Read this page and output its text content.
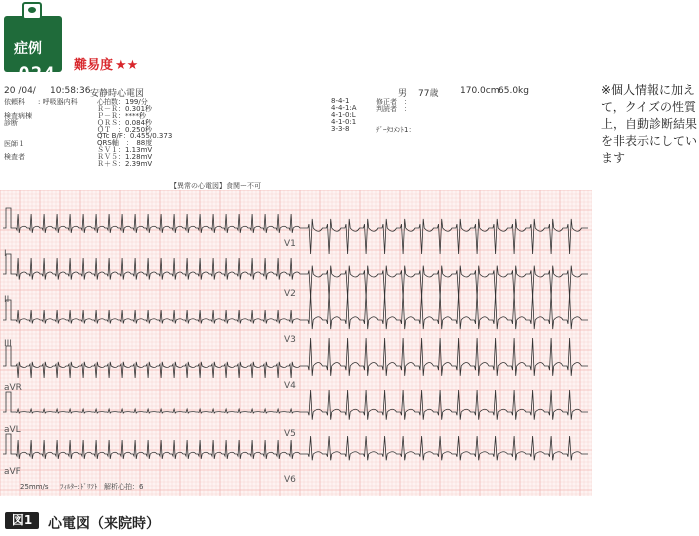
症例
024	難易度 ★★
20 /04/ 10:58:36 安静時心電図	男 77歳 170.0cm
65.0kg
依頼科 : 呼吸器内科
検査病棟
診断
医師１
検査者
心拍数：199/分
Ｒ－Ｒ：0.301秒
Ｐ－Ｒ：****秒
ＱＲＳ：0.084秒
ＱＴ　：0.250秒
QTc B/F：0.455/0.373
QRS軸　：　88度
ＳＶ１：1.13mV
ＲＶ５：1.28mV
Ｒ＋Ｓ：2.39mV
8-4-1
4-4-1:A
4-1-0:L
4-1-0:1
3-3-8
修正者　：
判読者　：
ﾃﾞｰﾀｺﾒﾝﾄ1：
※個人情報に加えて，クイズの性質上，自動診断結果を非表示にしています
【異常の心電図】食関ー不可
I
II
III
aVR
aVL
aVF
V1
V2
V3
V4
V5
V6
25mm/s ﾌｨﾙﾀｰ:ﾄﾞﾘﾌﾄ 解析心拍：6
図1	心電図（来院時）
